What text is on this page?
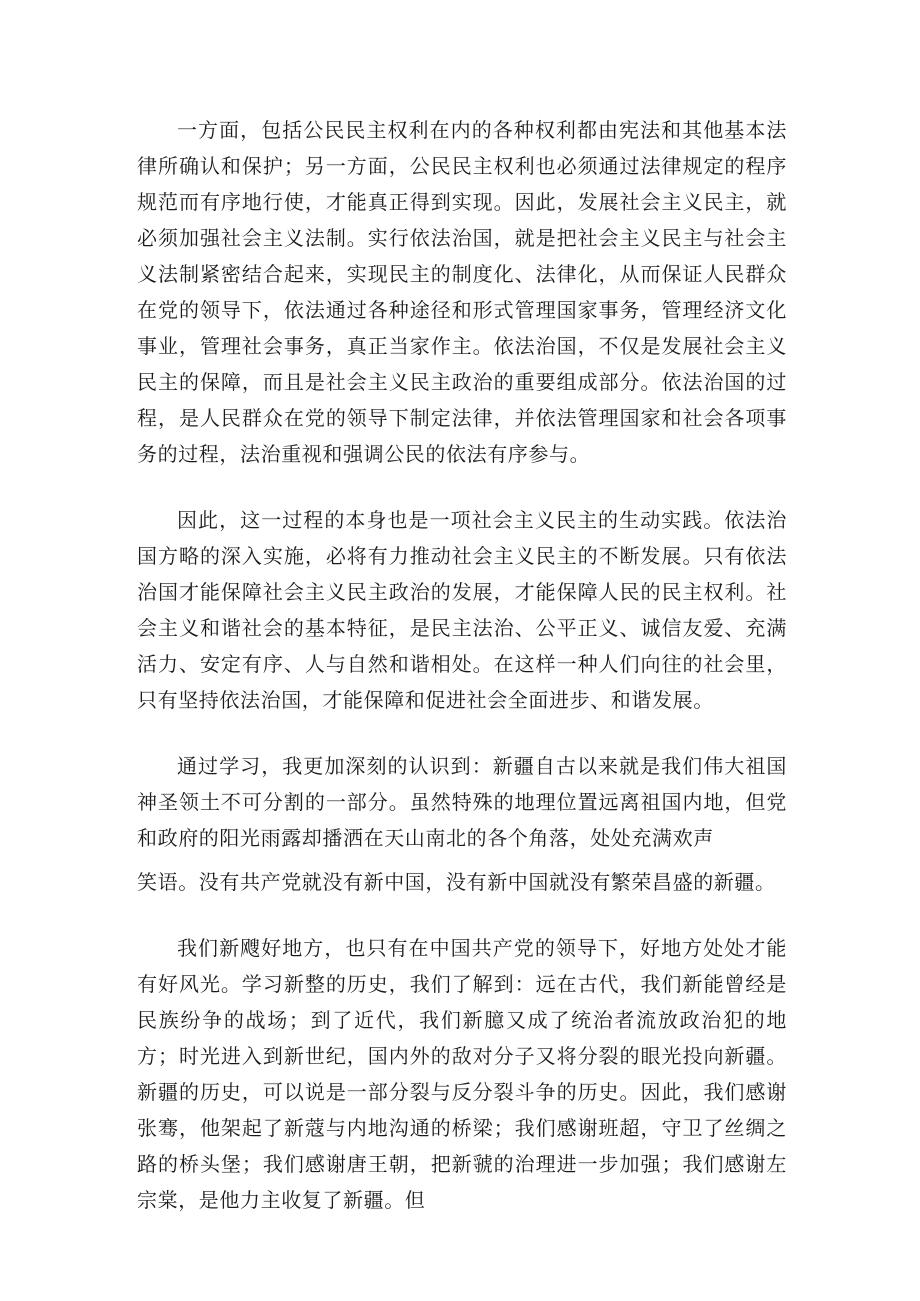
一方面，包括公民民主权利在内的各种权利都由宪法和其他基本法律所确认和保护；另一方面，公民民主权利也必须通过法律规定的程序规范而有序地行使，才能真正得到实现。因此，发展社会主义民主，就必须加强社会主义法制。实行依法治国，就是把社会主义民主与社会主义法制紧密结合起来，实现民主的制度化、法律化，从而保证人民群众在党的领导下，依法通过各种途径和形式管理国家事务，管理经济文化事业，管理社会事务，真正当家作主。依法治国，不仅是发展社会主义民主的保障，而且是社会主义民主政治的重要组成部分。依法治国的过程，是人民群众在党的领导下制定法律，并依法管理国家和社会各项事务的过程，法治重视和强调公民的依法有序参与。

因此，这一过程的本身也是一项社会主义民主的生动实践。依法治国方略的深入实施，必将有力推动社会主义民主的不断发展。只有依法治国才能保障社会主义民主政治的发展，才能保障人民的民主权利。社会主义和谐社会的基本特征，是民主法治、公平正义、诚信友爱、充满活力、安定有序、人与自然和谐相处。在这样一种人们向往的社会里，只有坚持依法治国，才能保障和促进社会全面进步、和谐发展。

通过学习，我更加深刻的认识到：新疆自古以来就是我们伟大祖国神圣领土不可分割的一部分。虽然特殊的地理位置远离祖国内地，但党和政府的阳光雨露却播洒在天山南北的各个角落，处处充满欢声

笑语。没有共产党就没有新中国，没有新中国就没有繁荣昌盛的新疆。

我们新飕好地方，也只有在中国共产党的领导下，好地方处处才能有好风光。学习新整的历史，我们了解到：远在古代，我们新能曾经是民族纷争的战场；到了近代，我们新臆又成了统治者流放政治犯的地方；时光进入到新世纪，国内外的敌对分子又将分裂的眼光投向新疆。新疆的历史，可以说是一部分裂与反分裂斗争的历史。因此，我们感谢张骞，他架起了新蔻与内地沟通的桥梁；我们感谢班超，守卫了丝绸之路的桥头堡；我们感谢唐王朝，把新虢的治理进一步加强；我们感谢左宗棠，是他力主收复了新疆。但
